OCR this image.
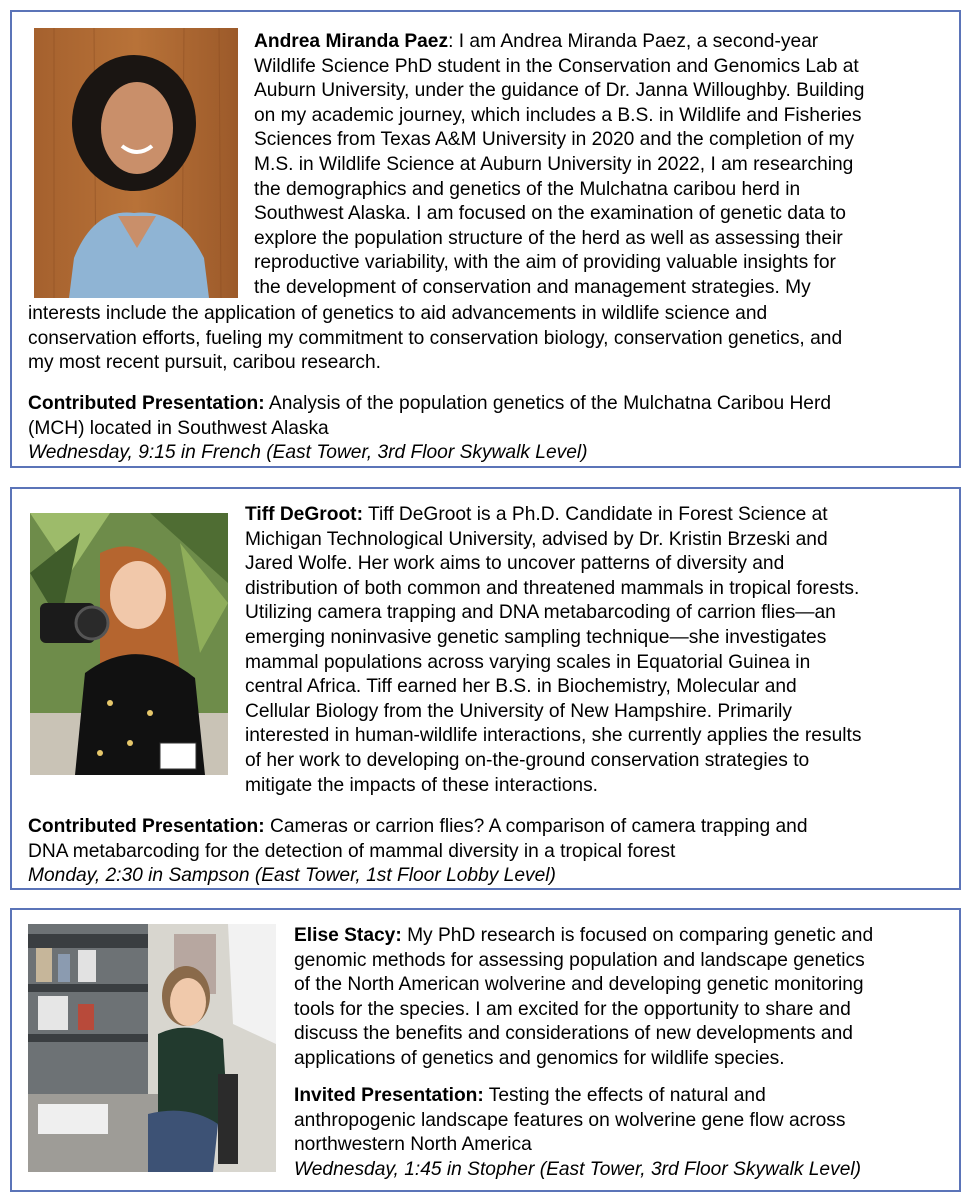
Andrea Miranda Paez: I am Andrea Miranda Paez, a second-year
Wildlife Science PhD student in the Conservation and Genomics Lab at
Auburn University, under the guidance of Dr. Janna Willoughby. Building
on my academic journey, which includes a B.S. in Wildlife and Fisheries
Sciences from Texas A&M University in 2020 and the completion of my
M.S. in Wildlife Science at Auburn University in 2022, I am researching
the demographics and genetics of the Mulchatna caribou herd in
Southwest Alaska. I am focused on the examination of genetic data to
explore the population structure of the herd as well as assessing their
reproductive variability, with the aim of providing valuable insights for
the development of conservation and management strategies. My

interests include the application of genetics to aid advancements in wildlife science and
conservation efforts, fueling my commitment to conservation biology, conservation genetics, and
my most recent pursuit, caribou research.

Contributed Presentation: Analysis of the population genetics of the Mulchatna Caribou Herd
(MCH) located in Southwest Alaska
Wednesday, 9:15 in French (East Tower, 3rd Floor Skywalk Level)

Tiff DeGroot: Tiff DeGroot is a Ph.D. Candidate in Forest Science at
Michigan Technological University, advised by Dr. Kristin Brzeski and
Jared Wolfe. Her work aims to uncover patterns of diversity and
distribution of both common and threatened mammals in tropical forests.
Utilizing camera trapping and DNA metabarcoding of carrion flies—an
emerging noninvasive genetic sampling technique—she investigates
mammal populations across varying scales in Equatorial Guinea in
central Africa. Tiff earned her B.S. in Biochemistry, Molecular and
Cellular Biology from the University of New Hampshire. Primarily
interested in human-wildlife interactions, she currently applies the results
of her work to developing on-the-ground conservation strategies to
mitigate the impacts of these interactions.

Contributed Presentation: Cameras or carrion flies? A comparison of camera trapping and
DNA metabarcoding for the detection of mammal diversity in a tropical forest
Monday, 2:30 in Sampson (East Tower, 1st Floor Lobby Level)

Elise Stacy: My PhD research is focused on comparing genetic and
genomic methods for assessing population and landscape genetics
of the North American wolverine and developing genetic monitoring
tools for the species. I am excited for the opportunity to share and
discuss the benefits and considerations of new developments and
applications of genetics and genomics for wildlife species.

Invited Presentation: Testing the effects of natural and
anthropogenic landscape features on wolverine gene flow across
northwestern North America
Wednesday, 1:45 in Stopher (East Tower, 3rd Floor Skywalk Level)
